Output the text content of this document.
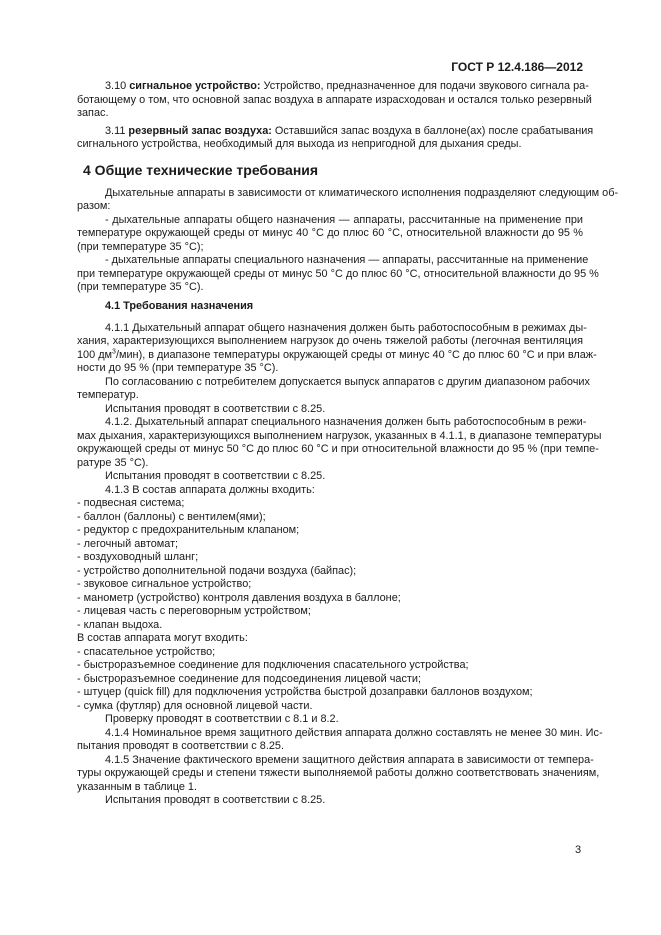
ГОСТ Р 12.4.186—2012
3.10 сигнальное устройство: Устройство, предназначенное для подачи звукового сигнала ра-
ботающему о том, что основной запас воздуха в аппарате израсходован и остался только резервный
запас.
3.11 резервный запас воздуха: Оставшийся запас воздуха в баллоне(ах) после срабатывания
сигнального устройства, необходимый для выхода из непригодной для дыхания среды.
4 Общие технические требования
Дыхательные аппараты в зависимости от климатического исполнения подразделяют следующим об-
разом:
- дыхательные аппараты общего назначения — аппараты, рассчитанные на применение при
температуре окружающей среды от минус 40 °С до плюс 60 °С, относительной влажности до 95 %
(при температуре 35 °С);
- дыхательные аппараты специального назначения — аппараты, рассчитанные на применение
при температуре окружающей среды от минус 50 °С до плюс 60 °С, относительной влажности до 95 %
(при температуре 35 °С).
4.1 Требования назначения
4.1.1 Дыхательный аппарат общего назначения должен быть работоспособным в режимах ды-
хания, характеризующихся выполнением нагрузок до очень тяжелой работы (легочная вентиляция
100 $дм^3/мин$), в диапазоне температуры окружающей среды от минус 40 °С до плюс 60 °С и при влаж-
ности до 95 % (при температуре 35 °С).
По согласованию с потребителем допускается выпуск аппаратов с другим диапазоном рабочих
температур.
Испытания проводят в соответствии с 8.25.
4.1.2. Дыхательный аппарат специального назначения должен быть работоспособным в режи-
мах дыхания, характеризующихся выполнением нагрузок, указанных в 4.1.1, в диапазоне температуры
окружающей среды от минус 50 °С до плюс 60 °С и при относительной влажности до 95 % (при темпе-
ратуре 35 °С).
Испытания проводят в соответствии с 8.25.
4.1.3 В состав аппарата должны входить:
- подвесная система;
- баллон (баллоны) с вентилем(ями);
- редуктор с предохранительным клапаном;
- легочный автомат;
- воздуховодный шланг;
- устройство дополнительной подачи воздуха (байпас);
- звуковое сигнальное устройство;
- манометр (устройство) контроля давления воздуха в баллоне;
- лицевая часть с переговорным устройством;
- клапан выдоха.
В состав аппарата могут входить:
- спасательное устройство;
- быстроразъемное соединение для подключения спасательного устройства;
- быстроразъемное соединение для подсоединения лицевой части;
- штуцер (quick fill) для подключения устройства быстрой дозаправки баллонов воздухом;
- сумка (футляр) для основной лицевой части.
Проверку проводят в соответствии с 8.1 и 8.2.
4.1.4 Номинальное время защитного действия аппарата должно составлять не менее 30 мин. Ис-
пытания проводят в соответствии с 8.25.
4.1.5 Значение фактического времени защитного действия аппарата в зависимости от темпера-
туры окружающей среды и степени тяжести выполняемой работы должно соответствовать значениям,
указанным в таблице 1.
Испытания проводят в соответствии с 8.25.
3
